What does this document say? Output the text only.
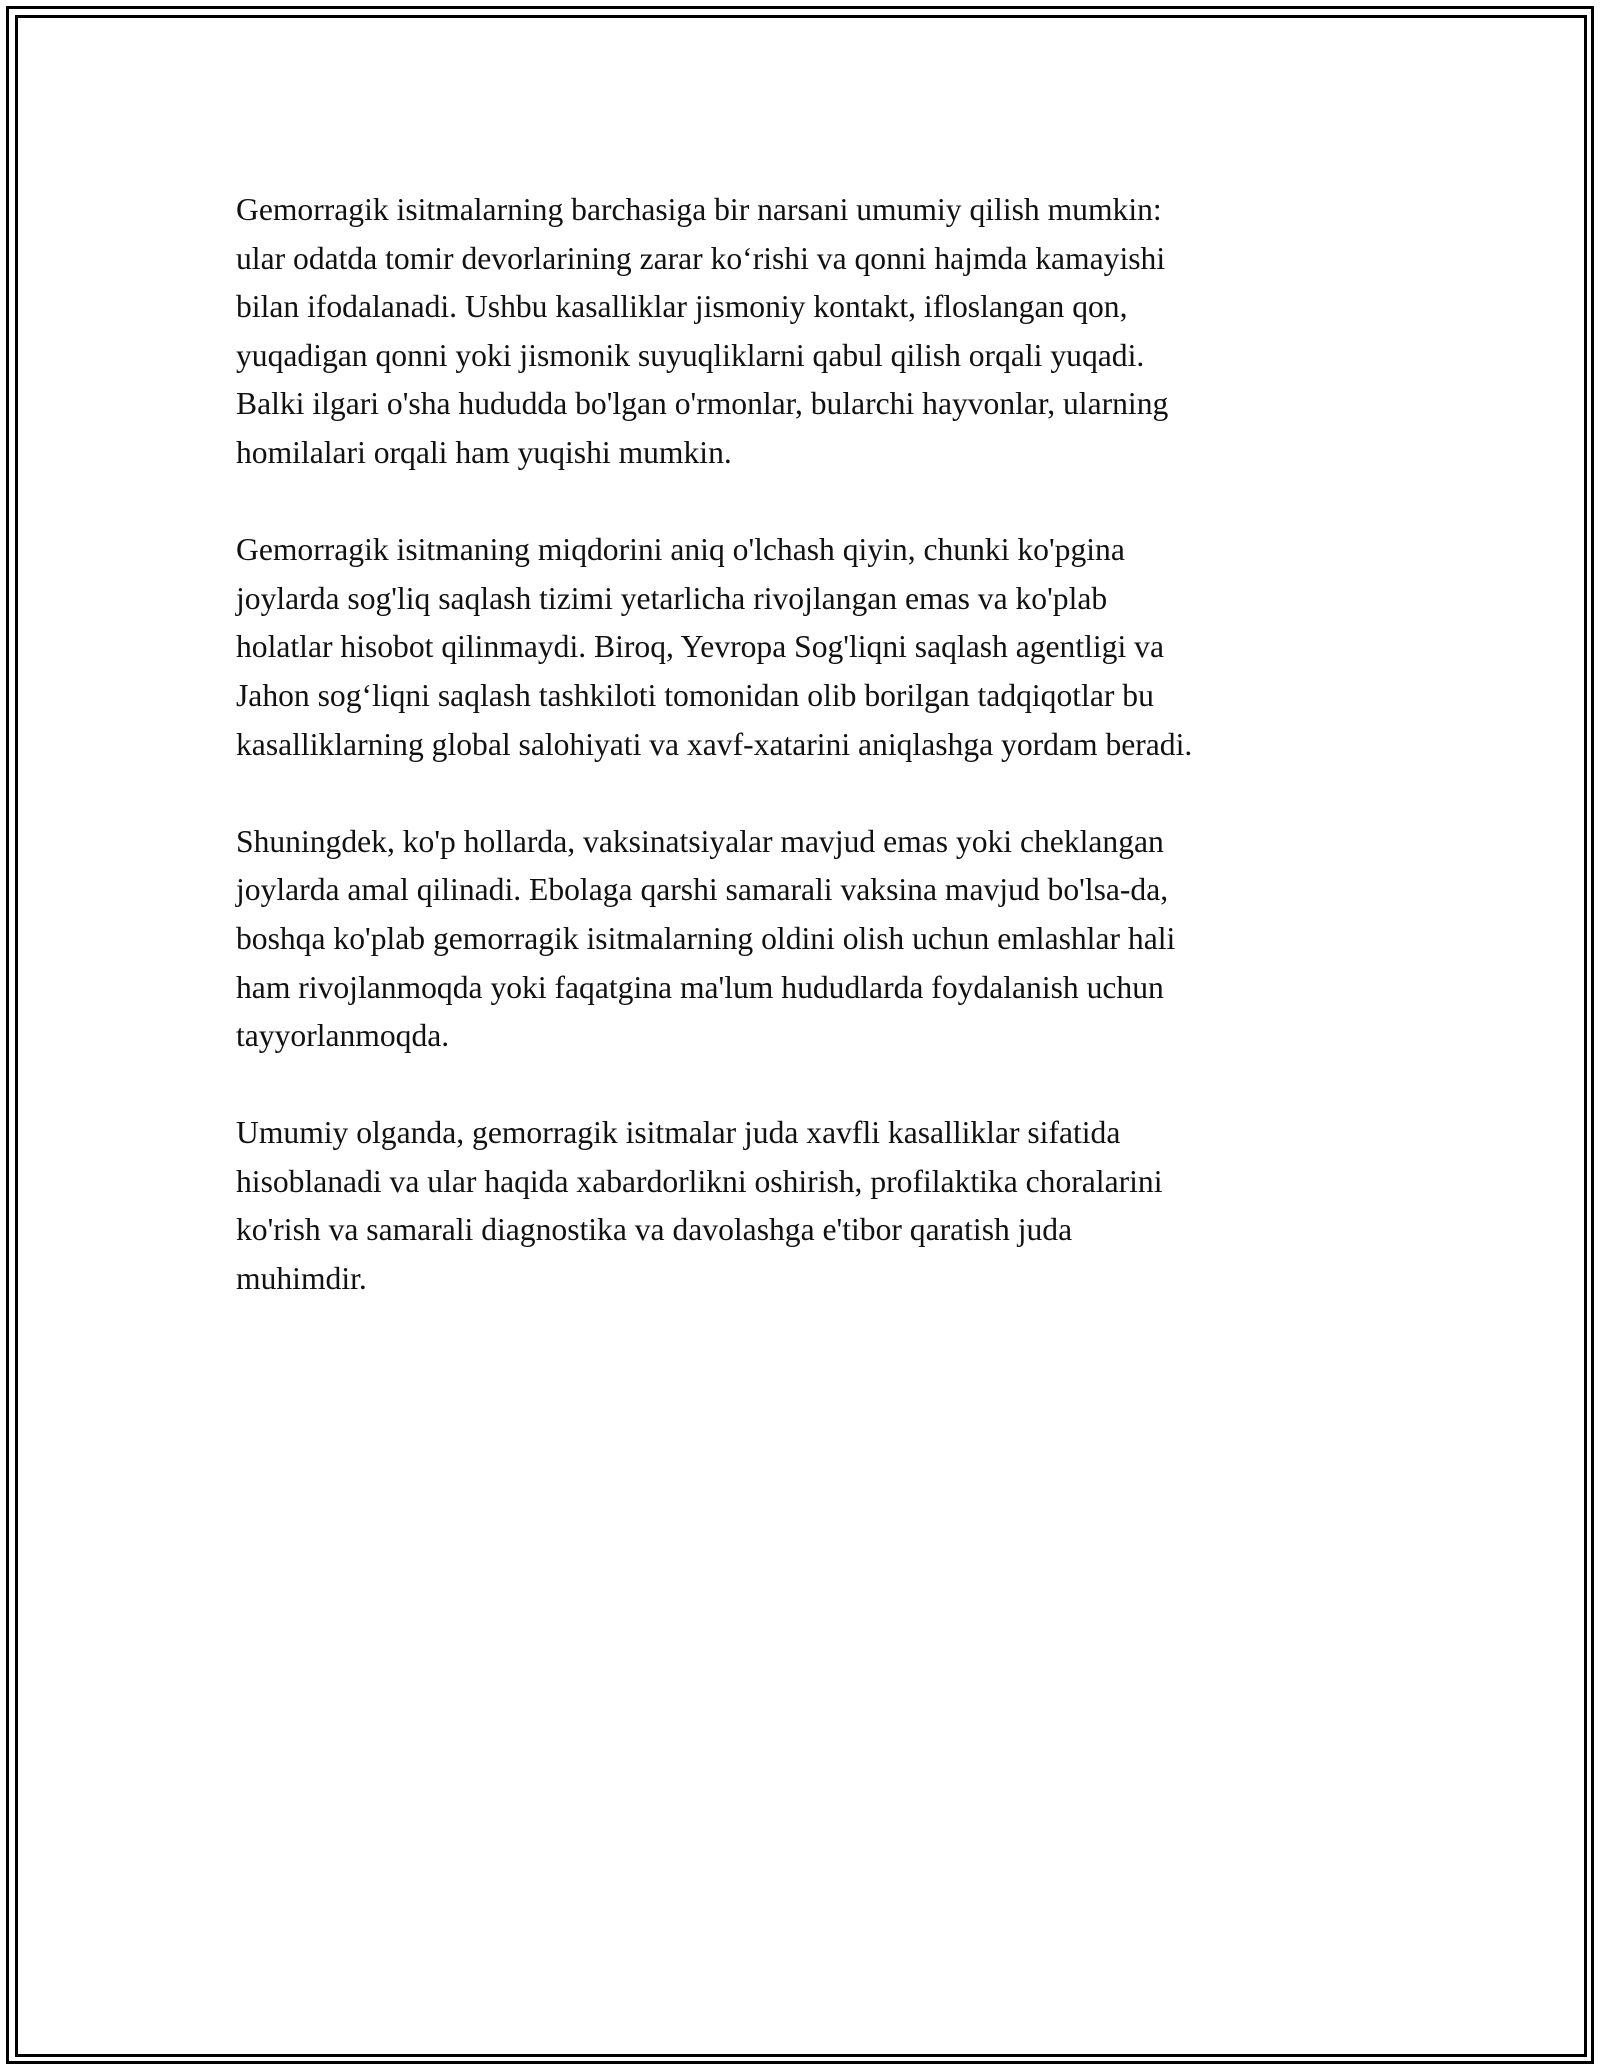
Gemorragik isitmalarning barchasiga bir narsani umumiy qilish mumkin:
ular odatda tomir devorlarining zarar ko‘rishi va qonni hajmda kamayishi
bilan ifodalanadi. Ushbu kasalliklar jismoniy kontakt, ifloslangan qon,
yuqadigan qonni yoki jismonik suyuqliklarni qabul qilish orqali yuqadi.
Balki ilgari o'sha hududda bo'lgan o'rmonlar, bularchi hayvonlar, ularning
homilalari orqali ham yuqishi mumkin.

Gemorragik isitmaning miqdorini aniq o'lchash qiyin, chunki ko'pgina
joylarda sog'liq saqlash tizimi yetarlicha rivojlangan emas va ko'plab
holatlar hisobot qilinmaydi. Biroq, Yevropa Sog'liqni saqlash agentligi va
Jahon sog‘liqni saqlash tashkiloti tomonidan olib borilgan tadqiqotlar bu
kasalliklarning global salohiyati va xavf-xatarini aniqlashga yordam beradi.

Shuningdek, ko'p hollarda, vaksinatsiyalar mavjud emas yoki cheklangan
joylarda amal qilinadi. Ebolaga qarshi samarali vaksina mavjud bo'lsa-da,
boshqa ko'plab gemorragik isitmalarning oldini olish uchun emlashlar hali
ham rivojlanmoqda yoki faqatgina ma'lum hududlarda foydalanish uchun
tayyorlanmoqda.

Umumiy olganda, gemorragik isitmalar juda xavfli kasalliklar sifatida
hisoblanadi va ular haqida xabardorlikni oshirish, profilaktika choralarini
ko'rish va samarali diagnostika va davolashga e'tibor qaratish juda
muhimdir.
